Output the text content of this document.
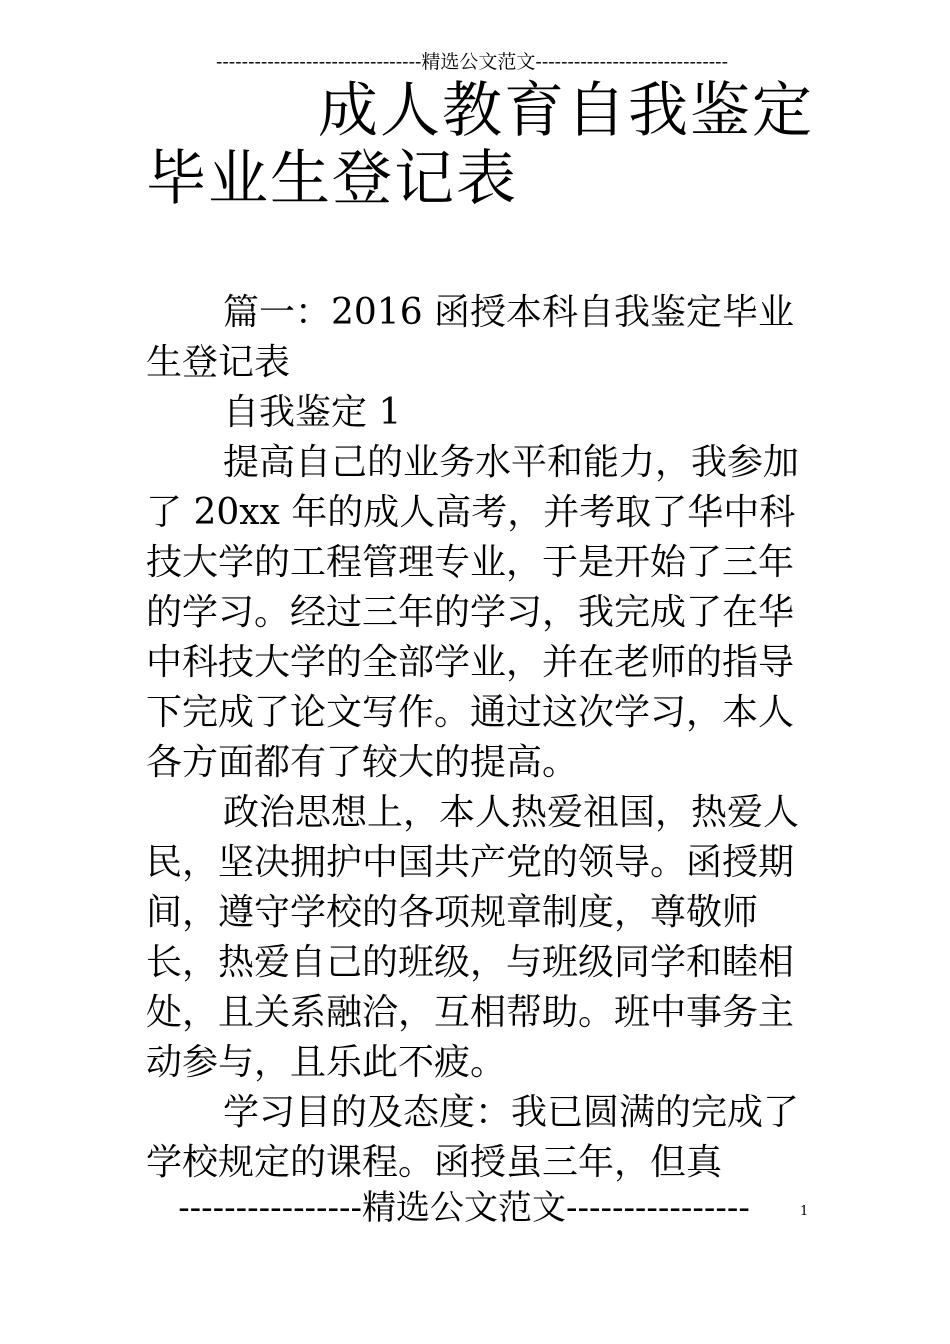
--------------------------------精选公文范文------------------------------
成人教育自我鉴定
毕业生登记表

篇一：2016 函授本科自我鉴定毕业生登记表

自我鉴定 1

提高自己的业务水平和能力，我参加了 20xx 年的成人高考，并考取了华中科技大学的工程管理专业，于是开始了三年的学习。经过三年的学习，我完成了在华中科技大学的全部学业，并在老师的指导下完成了论文写作。通过这次学习，本人各方面都有了较大的提高。

政治思想上，本人热爱祖国，热爱人民，坚决拥护中国共产党的领导。函授期间，遵守学校的各项规章制度，尊敬师长，热爱自己的班级，与班级同学和睦相处，且关系融洽，互相帮助。班中事务主动参与，且乐此不疲。

学习目的及态度：我已圆满的完成了学校规定的课程。函授虽三年，但真

----------------精选公文范文----------------	1
